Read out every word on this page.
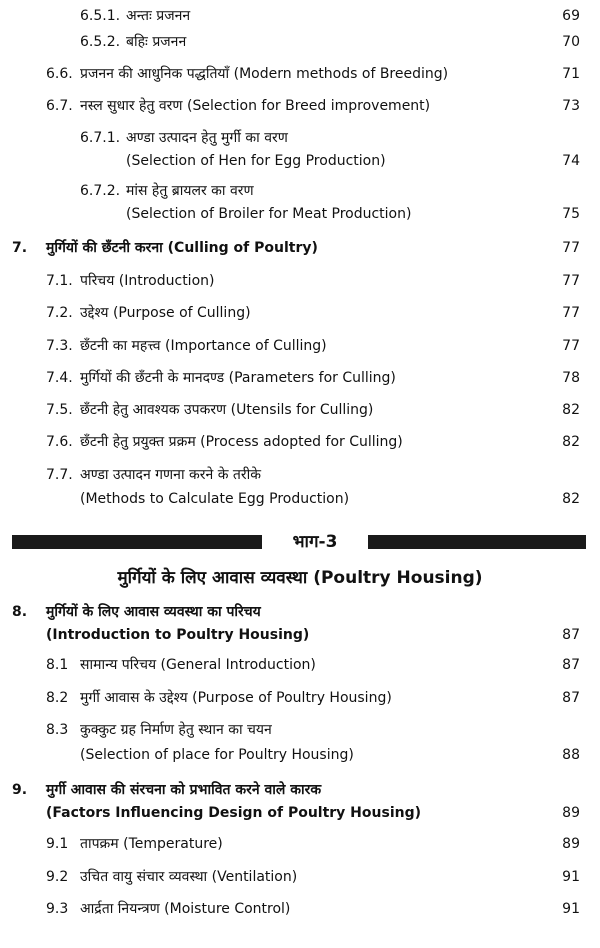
6.5.1. अन्तः प्रजनन	69
6.5.2. बहिः प्रजनन	70
6.6. प्रजनन की आधुनिक पद्धतियाँ (Modern methods of Breeding)	71
6.7. नस्ल सुधार हेतु वरण (Selection for Breed improvement)	73
6.7.1. अण्डा उत्पादन हेतु मुर्गी का वरण
(Selection of Hen for Egg Production)	74
6.7.2. मांस हेतु ब्रायलर का वरण
(Selection of Broiler for Meat Production)	75
7. मुर्गियों की छँटनी करना (Culling of Poultry)	77
7.1. परिचय (Introduction)	77
7.2. उद्देश्य (Purpose of Culling)	77
7.3. छँटनी का महत्त्व (Importance of Culling)	77
7.4. मुर्गियों की छँटनी के मानदण्ड (Parameters for Culling)	78
7.5. छँटनी हेतु आवश्यक उपकरण (Utensils for Culling)	82
7.6. छँटनी हेतु प्रयुक्त प्रक्रम (Process adopted for Culling)	82
7.7. अण्डा उत्पादन गणना करने के तरीके
(Methods to Calculate Egg Production)	82
भाग-3
मुर्गियों के लिए आवास व्यवस्था (Poultry Housing)
8. मुर्गियों के लिए आवास व्यवस्था का परिचय
(Introduction to Poultry Housing)	87
8.1 सामान्य परिचय (General Introduction)	87
8.2 मुर्गी आवास के उद्देश्य (Purpose of Poultry Housing)	87
8.3 कुक्कुट ग्रह निर्माण हेतु स्थान का चयन
(Selection of place for Poultry Housing)	88
9. मुर्गी आवास की संरचना को प्रभावित करने वाले कारक
(Factors Influencing Design of Poultry Housing)	89
9.1 तापक्रम (Temperature)	89
9.2 उचित वायु संचार व्यवस्था (Ventilation)	91
9.3 आर्द्रता नियन्त्रण (Moisture Control)	91
